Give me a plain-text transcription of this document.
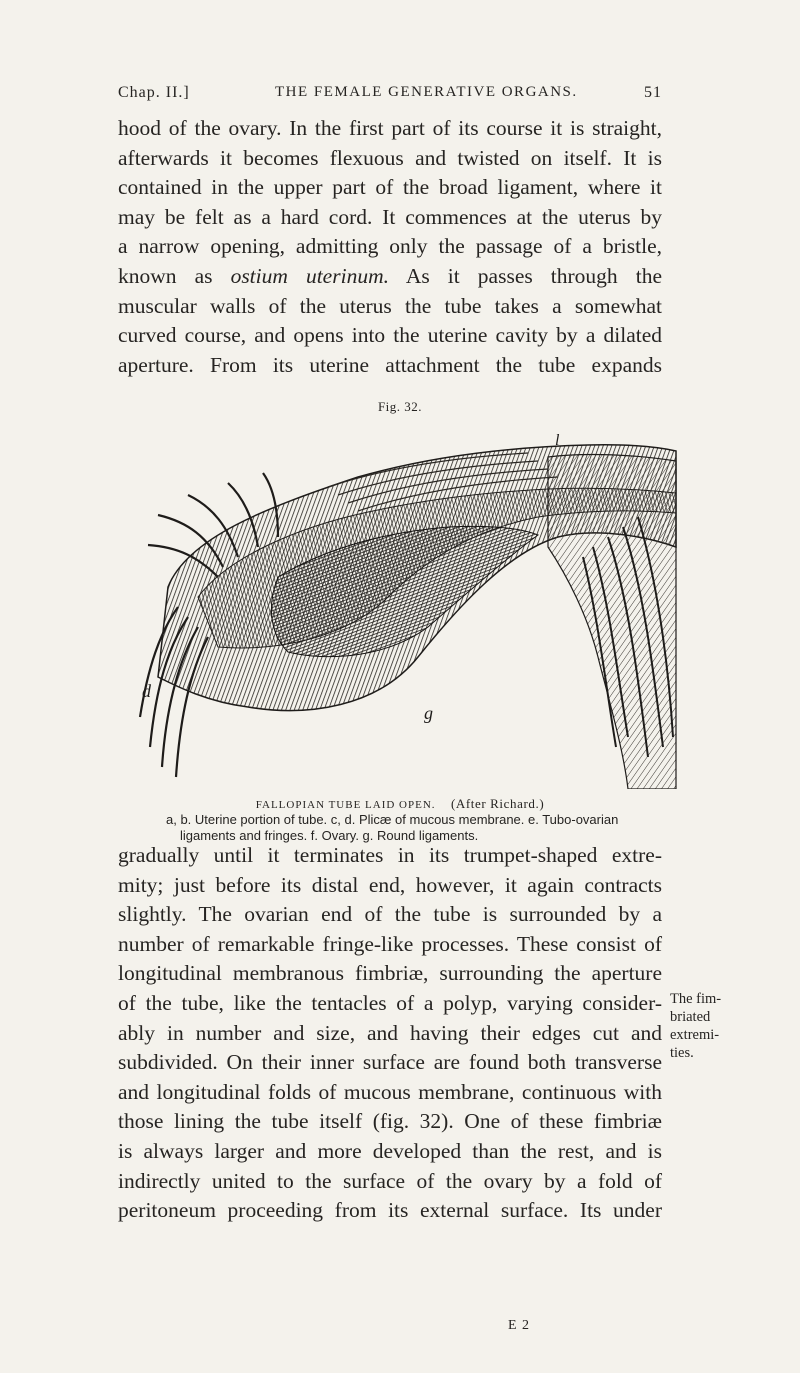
Chap. II.]	THE FEMALE GENERATIVE ORGANS.	51
hood of the ovary. In the first part of its course it is straight,
afterwards it becomes flexuous and twisted on itself. It is
contained in the upper part of the broad ligament, where it
may be felt as a hard cord. It commences at the uterus by
a narrow opening, admitting only the passage of a bristle,
known as ostium uterinum. As it passes through the
muscular walls of the uterus the tube takes a somewhat
curved course, and opens into the uterine cavity by a dilated
aperture. From its uterine attachment the tube expands
Fig. 32.
d
g
l
FALLOPIAN TUBE LAID OPEN. (After Richard.)
a, b. Uterine portion of tube. c, d. Plicæ of mucous membrane. e. Tubo-ovarian
ligaments and fringes. f. Ovary. g. Round ligaments.
gradually until it terminates in its trumpet-shaped extre-
mity; just before its distal end, however, it again contracts
slightly. The ovarian end of the tube is surrounded by a
number of remarkable fringe-like processes. These consist of
longitudinal membranous fimbriæ, surrounding the aperture
of the tube, like the tentacles of a polyp, varying consider-
ably in number and size, and having their edges cut and
subdivided. On their inner surface are found both transverse
and longitudinal folds of mucous membrane, continuous with
those lining the tube itself (fig. 32). One of these fimbriæ
is always larger and more developed than the rest, and is
indirectly united to the surface of the ovary by a fold of
peritoneum proceeding from its external surface. Its under
The fim-
briated
extremi-
ties.
E 2
